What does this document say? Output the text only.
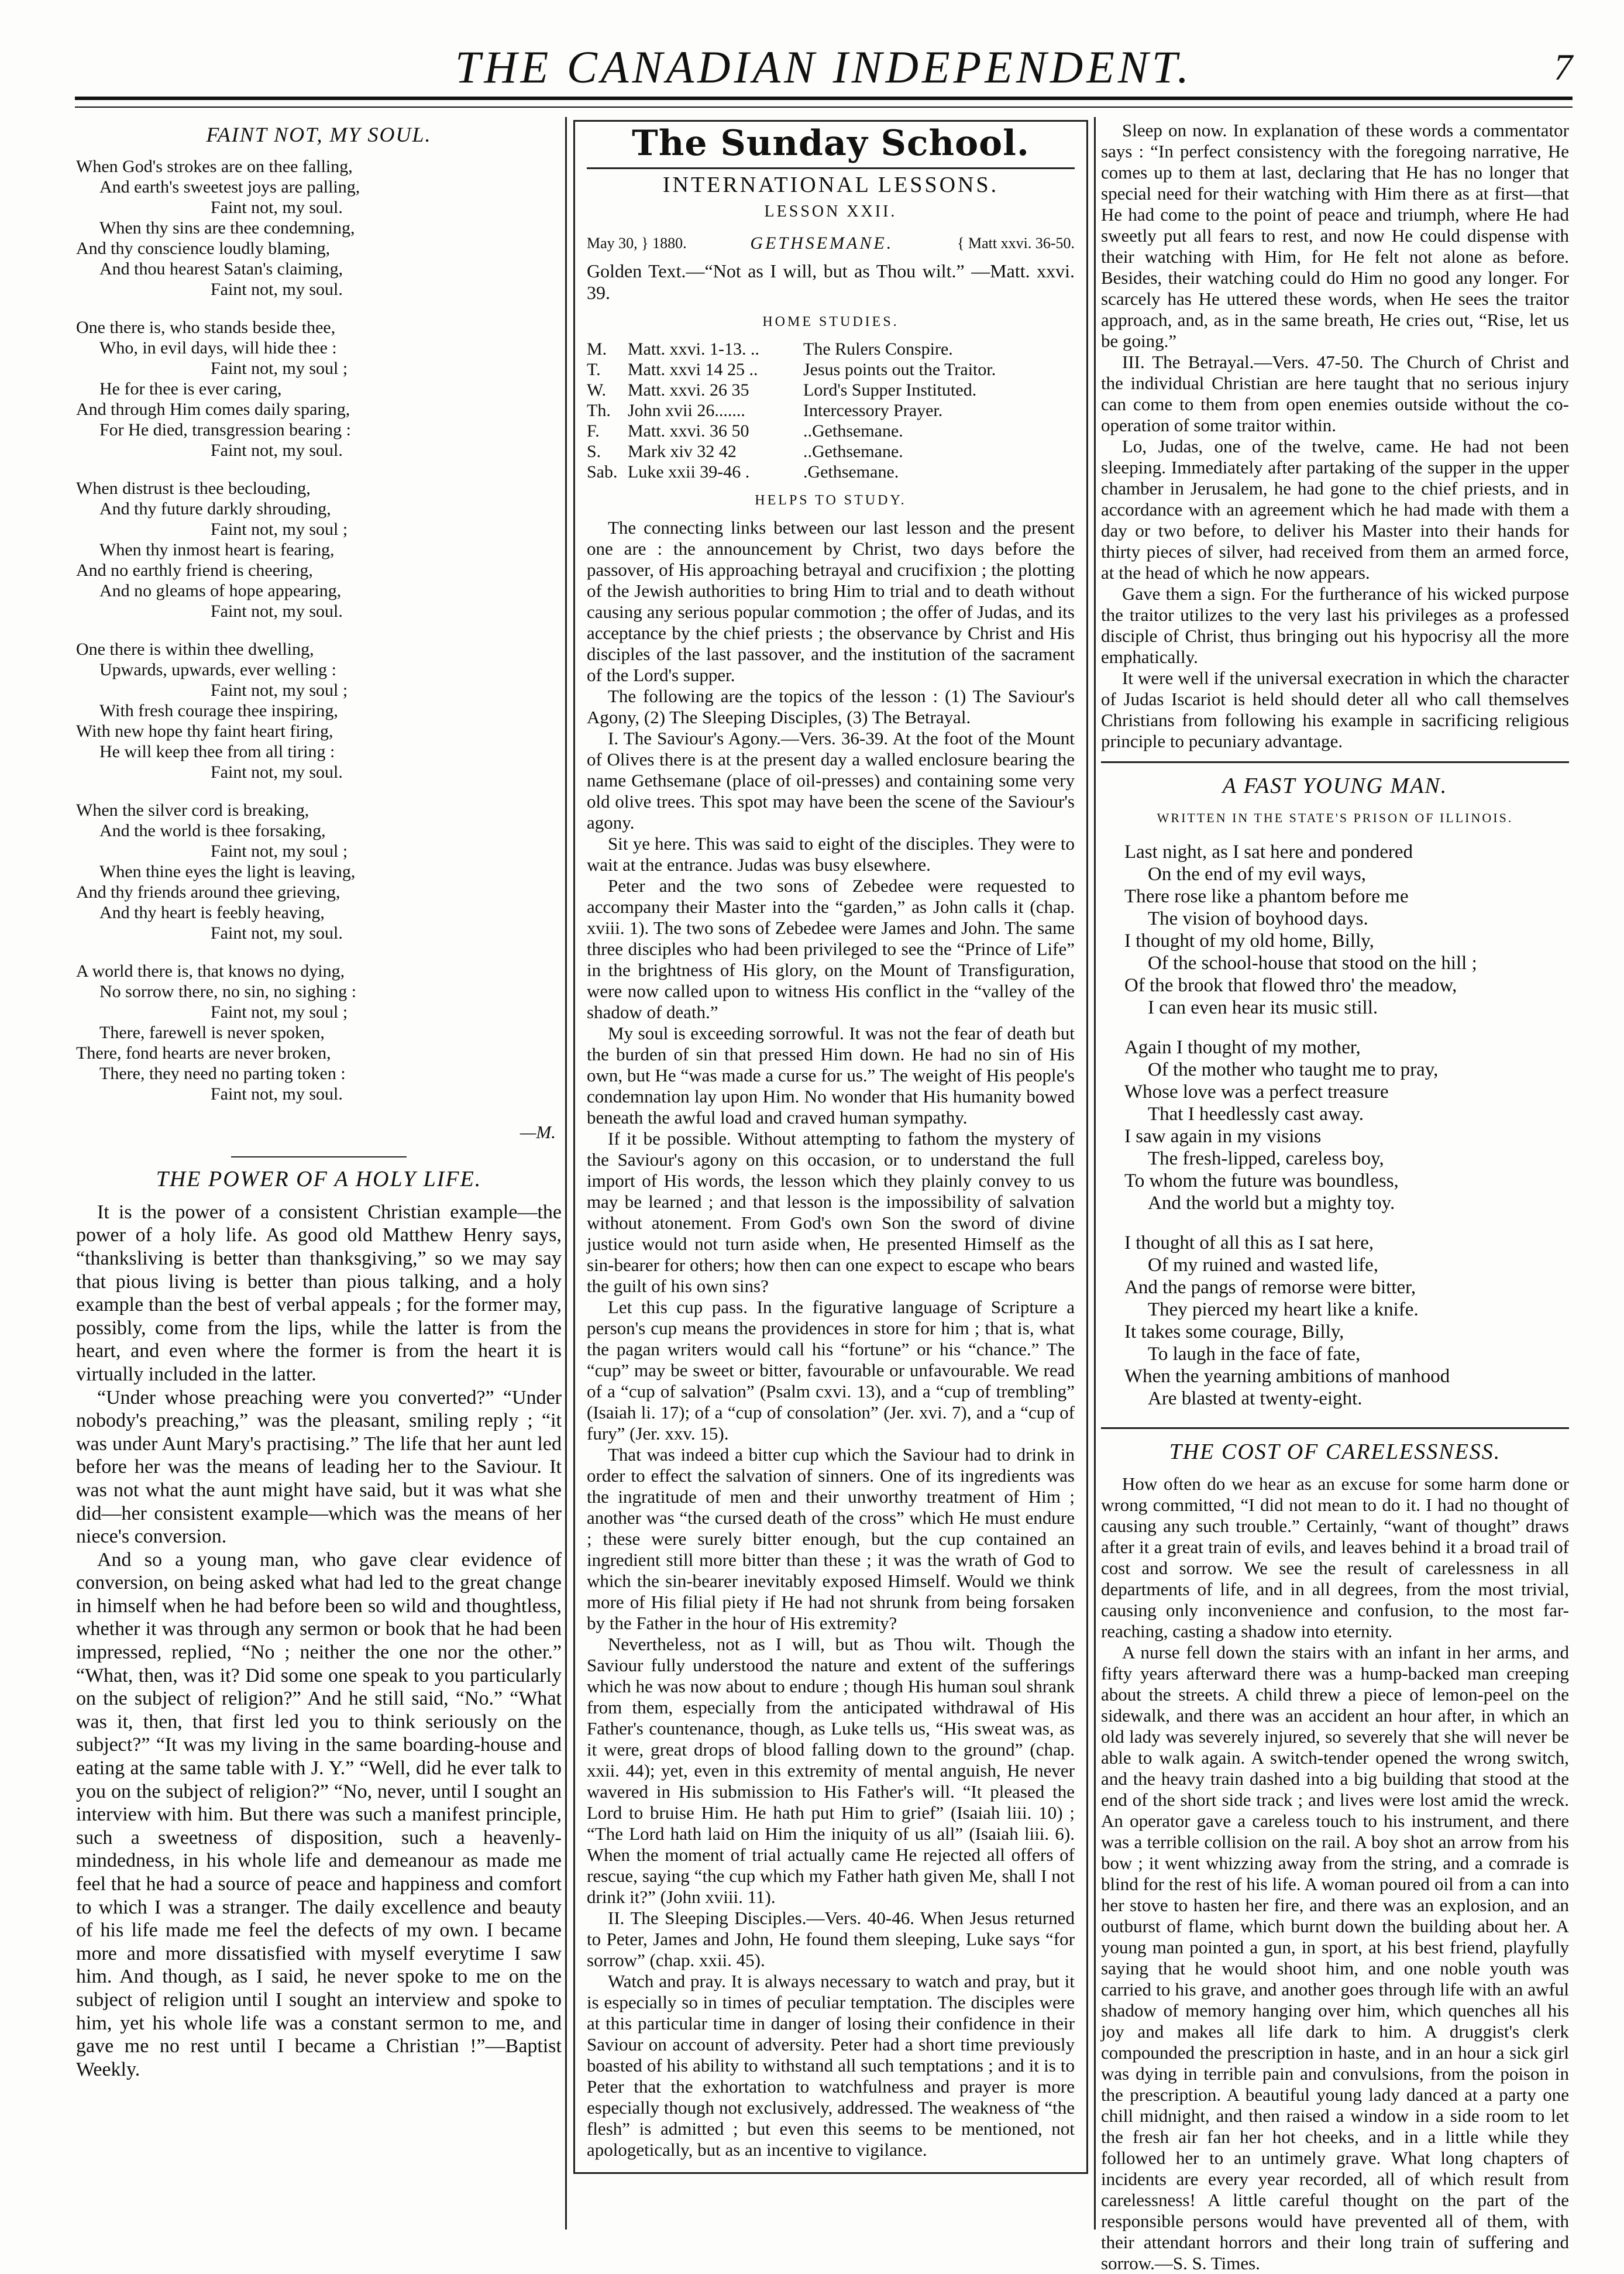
THE CANADIAN INDEPENDENT.	7
FAINT NOT, MY SOUL.
When God's strokes are on thee falling,
And earth's sweetest joys are palling,
Faint not, my soul.
When thy sins are thee condemning,
And thy conscience loudly blaming,
And thou hearest Satan's claiming,
Faint not, my soul.
One there is, who stands beside thee,
Who, in evil days, will hide thee :
Faint not, my soul ;
He for thee is ever caring,
And through Him comes daily sparing,
For He died, transgression bearing :
Faint not, my soul.
When distrust is thee beclouding,
And thy future darkly shrouding,
Faint not, my soul ;
When thy inmost heart is fearing,
And no earthly friend is cheering,
And no gleams of hope appearing,
Faint not, my soul.
One there is within thee dwelling,
Upwards, upwards, ever welling :
Faint not, my soul ;
With fresh courage thee inspiring,
With new hope thy faint heart firing,
He will keep thee from all tiring :
Faint not, my soul.
When the silver cord is breaking,
And the world is thee forsaking,
Faint not, my soul ;
When thine eyes the light is leaving,
And thy friends around thee grieving,
And thy heart is feebly heaving,
Faint not, my soul.
A world there is, that knows no dying,
No sorrow there, no sin, no sighing :
Faint not, my soul ;
There, farewell is never spoken,
There, fond hearts are never broken,
There, they need no parting token :
Faint not, my soul.
—M.
THE POWER OF A HOLY LIFE.

It is the power of a consistent Christian example—the power of a holy life. As good old Matthew Henry says, “thanksliving is better than thanksgiving,” so we may say that pious living is better than pious talking, and a holy example than the best of verbal appeals ; for the former may, possibly, come from the lips, while the latter is from the heart, and even where the former is from the heart it is virtually included in the latter.

“Under whose preaching were you converted?” “Under nobody's preaching,” was the pleasant, smiling reply ; “it was under Aunt Mary's practising.” The life that her aunt led before her was the means of leading her to the Saviour. It was not what the aunt might have said, but it was what she did—her consistent example—which was the means of her niece's conversion.

And so a young man, who gave clear evidence of conversion, on being asked what had led to the great change in himself when he had before been so wild and thoughtless, whether it was through any sermon or book that he had been impressed, replied, “No ; neither the one nor the other.” “What, then, was it? Did some one speak to you particularly on the subject of religion?” And he still said, “No.” “What was it, then, that first led you to think seriously on the subject?” “It was my living in the same boarding-house and eating at the same table with J. Y.” “Well, did he ever talk to you on the subject of religion?” “No, never, until I sought an interview with him. But there was such a manifest principle, such a sweetness of disposition, such a heavenly-mindedness, in his whole life and demeanour as made me feel that he had a source of peace and happiness and comfort to which I was a stranger. The daily excellence and beauty of his life made me feel the defects of my own. I became more and more dissatisfied with myself everytime I saw him. And though, as I said, he never spoke to me on the subject of religion until I sought an interview and spoke to him, yet his whole life was a constant sermon to me, and gave me no rest until I became a Christian !”—Baptist Weekly.

The Sunday School.
INTERNATIONAL LESSONS.
LESSON XXII.
May 30, } 1880.	GETHSEMANE.	{ Matt xxvi. 36-50.
Golden Text.—“Not as I will, but as Thou wilt.” —Matt. xxvi. 39.
HOME STUDIES.
M.	Matt. xxvi. 1-13. ..	The Rulers Conspire.
T.	Matt. xxvi 14 25 ..	Jesus points out the Traitor.
W.	Matt. xxvi. 26 35	Lord's Supper Instituted.
Th. John xvii 26.......	Intercessory Prayer.
F.	Matt. xxvi. 36 50	..Gethsemane.
S.	Mark xiv 32 42	..Gethsemane.
Sab. Luke xxii 39-46 .	.Gethsemane.
HELPS TO STUDY.

The connecting links between our last lesson and the present one are : the announcement by Christ, two days before the passover, of His approaching betrayal and crucifixion ; the plotting of the Jewish authorities to bring Him to trial and to death without causing any serious popular commotion ; the offer of Judas, and its acceptance by the chief priests ; the observance by Christ and His disciples of the last passover, and the institution of the sacrament of the Lord's supper.

The following are the topics of the lesson : (1) The Saviour's Agony, (2) The Sleeping Disciples, (3) The Betrayal.

I. The Saviour's Agony.—Vers. 36-39. At the foot of the Mount of Olives there is at the present day a walled enclosure bearing the name Gethsemane (place of oil-presses) and containing some very old olive trees. This spot may have been the scene of the Saviour's agony.

Sit ye here. This was said to eight of the disciples. They were to wait at the entrance. Judas was busy elsewhere.

Peter and the two sons of Zebedee were requested to accompany their Master into the “garden,” as John calls it (chap. xviii. 1). The two sons of Zebedee were James and John. The same three disciples who had been privileged to see the “Prince of Life” in the brightness of His glory, on the Mount of Transfiguration, were now called upon to witness His conflict in the “valley of the shadow of death.”

My soul is exceeding sorrowful. It was not the fear of death but the burden of sin that pressed Him down. He had no sin of His own, but He “was made a curse for us.” The weight of His people's condemnation lay upon Him. No wonder that His humanity bowed beneath the awful load and craved human sympathy.

If it be possible. Without attempting to fathom the mystery of the Saviour's agony on this occasion, or to understand the full import of His words, the lesson which they plainly convey to us may be learned ; and that lesson is the impossibility of salvation without atonement. From God's own Son the sword of divine justice would not turn aside when, He presented Himself as the sin-bearer for others; how then can one expect to escape who bears the guilt of his own sins?

Let this cup pass. In the figurative language of Scripture a person's cup means the providences in store for him ; that is, what the pagan writers would call his “fortune” or his “chance.” The “cup” may be sweet or bitter, favourable or unfavourable. We read of a “cup of salvation” (Psalm cxvi. 13), and a “cup of trembling” (Isaiah li. 17); of a “cup of consolation” (Jer. xvi. 7), and a “cup of fury” (Jer. xxv. 15).

That was indeed a bitter cup which the Saviour had to drink in order to effect the salvation of sinners. One of its ingredients was the ingratitude of men and their unworthy treatment of Him ; another was “the cursed death of the cross” which He must endure ; these were surely bitter enough, but the cup contained an ingredient still more bitter than these ; it was the wrath of God to which the sin-bearer inevitably exposed Himself. Would we think more of His filial piety if He had not shrunk from being forsaken by the Father in the hour of His extremity?

Nevertheless, not as I will, but as Thou wilt. Though the Saviour fully understood the nature and extent of the sufferings which he was now about to endure ; though His human soul shrank from them, especially from the anticipated withdrawal of His Father's countenance, though, as Luke tells us, “His sweat was, as it were, great drops of blood falling down to the ground” (chap. xxii. 44); yet, even in this extremity of mental anguish, He never wavered in His submission to His Father's will. “It pleased the Lord to bruise Him. He hath put Him to grief” (Isaiah liii. 10) ; “The Lord hath laid on Him the iniquity of us all” (Isaiah liii. 6). When the moment of trial actually came He rejected all offers of rescue, saying “the cup which my Father hath given Me, shall I not drink it?” (John xviii. 11).

II. The Sleeping Disciples.—Vers. 40-46. When Jesus returned to Peter, James and John, He found them sleeping, Luke says “for sorrow” (chap. xxii. 45).

Watch and pray. It is always necessary to watch and pray, but it is especially so in times of peculiar temptation. The disciples were at this particular time in danger of losing their confidence in their Saviour on account of adversity. Peter had a short time previously boasted of his ability to withstand all such temptations ; and it is to Peter that the exhortation to watchfulness and prayer is more especially though not exclusively, addressed. The weakness of “the flesh” is admitted ; but even this seems to be mentioned, not apologetically, but as an incentive to vigilance.

Sleep on now. In explanation of these words a commentator says : “In perfect consistency with the foregoing narrative, He comes up to them at last, declaring that He has no longer that special need for their watching with Him there as at first—that He had come to the point of peace and triumph, where He had sweetly put all fears to rest, and now He could dispense with their watching with Him, for He felt not alone as before. Besides, their watching could do Him no good any longer. For scarcely has He uttered these words, when He sees the traitor approach, and, as in the same breath, He cries out, “Rise, let us be going.”

III. The Betrayal.—Vers. 47-50. The Church of Christ and the individual Christian are here taught that no serious injury can come to them from open enemies outside without the co-operation of some traitor within.

Lo, Judas, one of the twelve, came. He had not been sleeping. Immediately after partaking of the supper in the upper chamber in Jerusalem, he had gone to the chief priests, and in accordance with an agreement which he had made with them a day or two before, to deliver his Master into their hands for thirty pieces of silver, had received from them an armed force, at the head of which he now appears.

Gave them a sign. For the furtherance of his wicked purpose the traitor utilizes to the very last his privileges as a professed disciple of Christ, thus bringing out his hypocrisy all the more emphatically.

It were well if the universal execration in which the character of Judas Iscariot is held should deter all who call themselves Christians from following his example in sacrificing religious principle to pecuniary advantage.

A FAST YOUNG MAN.
WRITTEN IN THE STATE'S PRISON OF ILLINOIS.
Last night, as I sat here and pondered
On the end of my evil ways,
There rose like a phantom before me
The vision of boyhood days.
I thought of my old home, Billy,
Of the school-house that stood on the hill ;
Of the brook that flowed thro' the meadow,
I can even hear its music still.
Again I thought of my mother,
Of the mother who taught me to pray,
Whose love was a perfect treasure
That I heedlessly cast away.
I saw again in my visions
The fresh-lipped, careless boy,
To whom the future was boundless,
And the world but a mighty toy.
I thought of all this as I sat here,
Of my ruined and wasted life,
And the pangs of remorse were bitter,
They pierced my heart like a knife.
It takes some courage, Billy,
To laugh in the face of fate,
When the yearning ambitions of manhood
Are blasted at twenty-eight.
THE COST OF CARELESSNESS.

How often do we hear as an excuse for some harm done or wrong committed, “I did not mean to do it. I had no thought of causing any such trouble.” Certainly, “want of thought” draws after it a great train of evils, and leaves behind it a broad trail of cost and sorrow. We see the result of carelessness in all departments of life, and in all degrees, from the most trivial, causing only inconvenience and confusion, to the most far-reaching, casting a shadow into eternity.

A nurse fell down the stairs with an infant in her arms, and fifty years afterward there was a hump-backed man creeping about the streets. A child threw a piece of lemon-peel on the sidewalk, and there was an accident an hour after, in which an old lady was severely injured, so severely that she will never be able to walk again. A switch-tender opened the wrong switch, and the heavy train dashed into a big building that stood at the end of the short side track ; and lives were lost amid the wreck. An operator gave a careless touch to his instrument, and there was a terrible collision on the rail. A boy shot an arrow from his bow ; it went whizzing away from the string, and a comrade is blind for the rest of his life. A woman poured oil from a can into her stove to hasten her fire, and there was an explosion, and an outburst of flame, which burnt down the building about her. A young man pointed a gun, in sport, at his best friend, playfully saying that he would shoot him, and one noble youth was carried to his grave, and another goes through life with an awful shadow of memory hanging over him, which quenches all his joy and makes all life dark to him. A druggist's clerk compounded the prescription in haste, and in an hour a sick girl was dying in terrible pain and convulsions, from the poison in the prescription. A beautiful young lady danced at a party one chill midnight, and then raised a window in a side room to let the fresh air fan her hot cheeks, and in a little while they followed her to an untimely grave. What long chapters of incidents are every year recorded, all of which result from carelessness! A little careful thought on the part of the responsible persons would have prevented all of them, with their attendant horrors and their long train of suffering and sorrow.—S. S. Times.
